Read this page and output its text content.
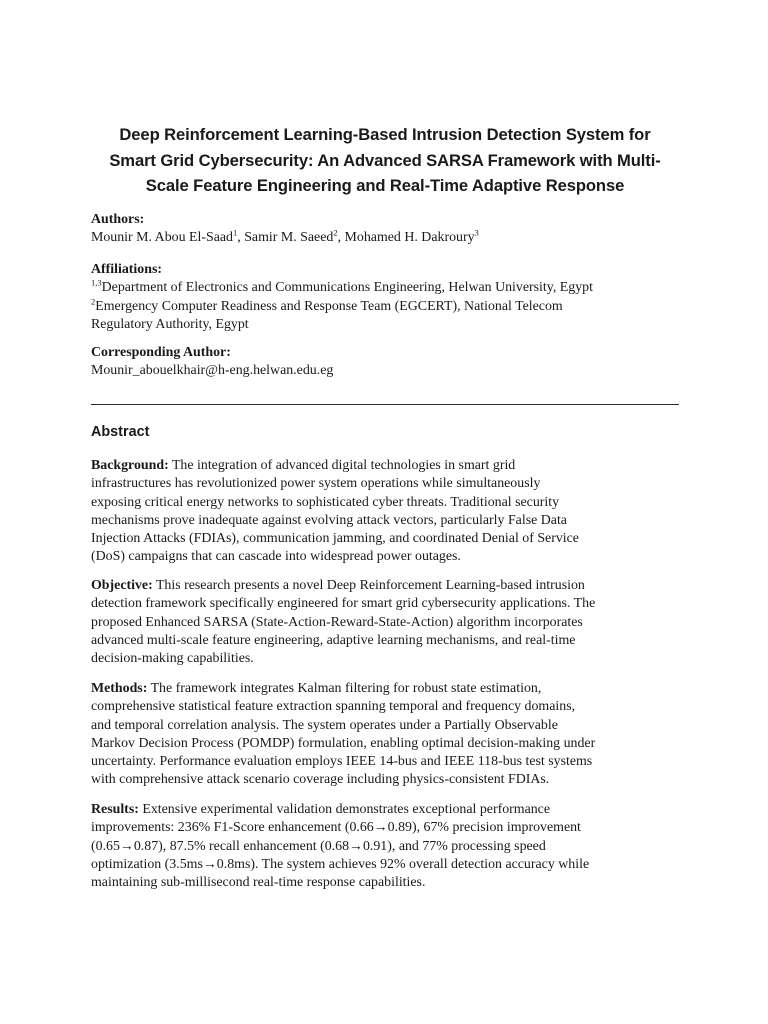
Deep Reinforcement Learning-Based Intrusion Detection System for
Smart Grid Cybersecurity: An Advanced SARSA Framework with Multi-
Scale Feature Engineering and Real-Time Adaptive Response

Authors:

Mounir M. Abou El-Saad$^1$, Samir M. Saeed$^2$, Mohamed H. Dakroury$^3$

Affiliations:

$^{1,3}$Department of Electronics and Communications Engineering, Helwan University, Egypt

$^2$Emergency Computer Readiness and Response Team (EGCERT), National Telecom

Regulatory Authority, Egypt

Corresponding Author:

Mounir_abouelkhair@h-eng.helwan.edu.eg

Abstract

Background: The integration of advanced digital technologies in smart grid
infrastructures has revolutionized power system operations while simultaneously
exposing critical energy networks to sophisticated cyber threats. Traditional security
mechanisms prove inadequate against evolving attack vectors, particularly False Data
Injection Attacks (FDIAs), communication jamming, and coordinated Denial of Service
(DoS) campaigns that can cascade into widespread power outages.

Objective: This research presents a novel Deep Reinforcement Learning-based intrusion
detection framework specifically engineered for smart grid cybersecurity applications. The
proposed Enhanced SARSA (State-Action-Reward-State-Action) algorithm incorporates
advanced multi-scale feature engineering, adaptive learning mechanisms, and real-time
decision-making capabilities.

Methods: The framework integrates Kalman filtering for robust state estimation,
comprehensive statistical feature extraction spanning temporal and frequency domains,
and temporal correlation analysis. The system operates under a Partially Observable
Markov Decision Process (POMDP) formulation, enabling optimal decision-making under
uncertainty. Performance evaluation employs IEEE 14-bus and IEEE 118-bus test systems
with comprehensive attack scenario coverage including physics-consistent FDIAs.

Results: Extensive experimental validation demonstrates exceptional performance
improvements: 236% F1-Score enhancement (0.66→0.89), 67% precision improvement
(0.65→0.87), 87.5% recall enhancement (0.68→0.91), and 77% processing speed
optimization (3.5ms→0.8ms). The system achieves 92% overall detection accuracy while
maintaining sub-millisecond real-time response capabilities.
